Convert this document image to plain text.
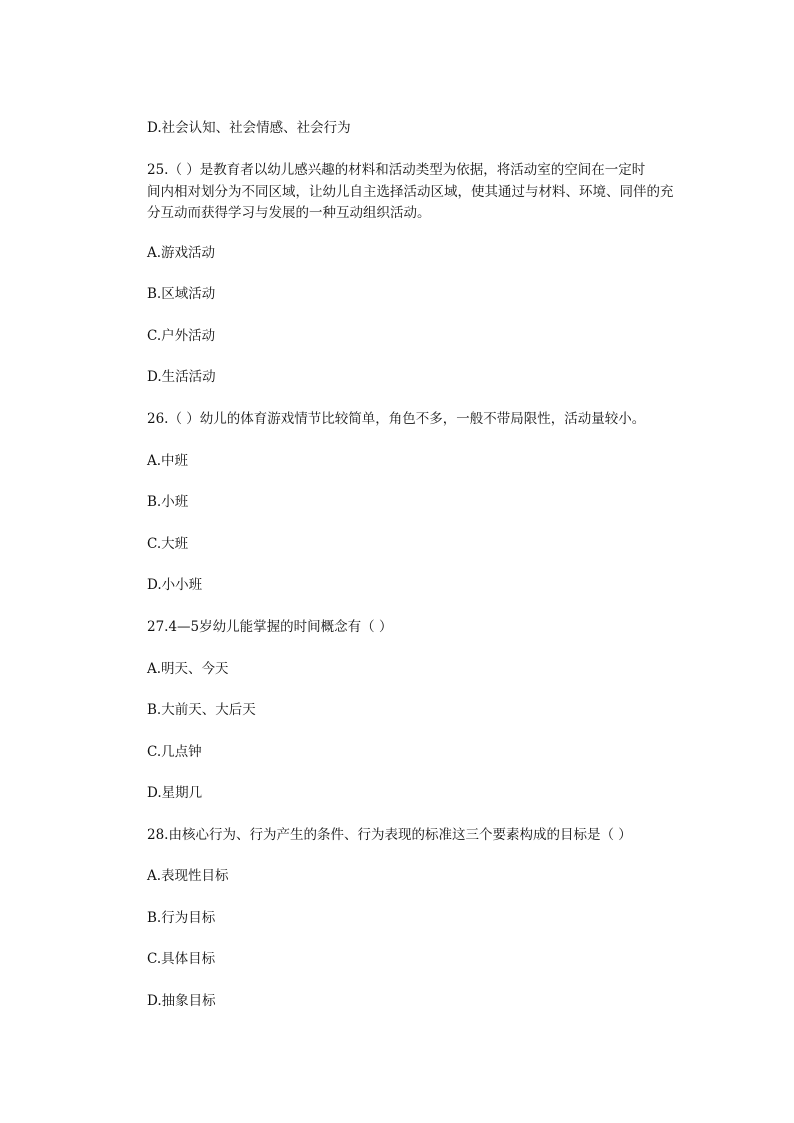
D.社会认知、社会情感、社会行为
25.（ ）是教育者以幼儿感兴趣的材料和活动类型为依据，将活动室的空间在一定时
间内相对划分为不同区域，让幼儿自主选择活动区域，使其通过与材料、环境、同伴的充
分互动而获得学习与发展的一种互动组织活动。
A.游戏活动
B.区域活动
C.户外活动
D.生活活动
26.（ ）幼儿的体育游戏情节比较简单，角色不多，一般不带局限性，活动量较小。
A.中班
B.小班
C.大班
D.小小班
27.4—5岁幼儿能掌握的时间概念有（ ）
A.明天、今天
B.大前天、大后天
C.几点钟
D.星期几
28.由核心行为、行为产生的条件、行为表现的标准这三个要素构成的目标是（ ）
A.表现性目标
B.行为目标
C.具体目标
D.抽象目标
